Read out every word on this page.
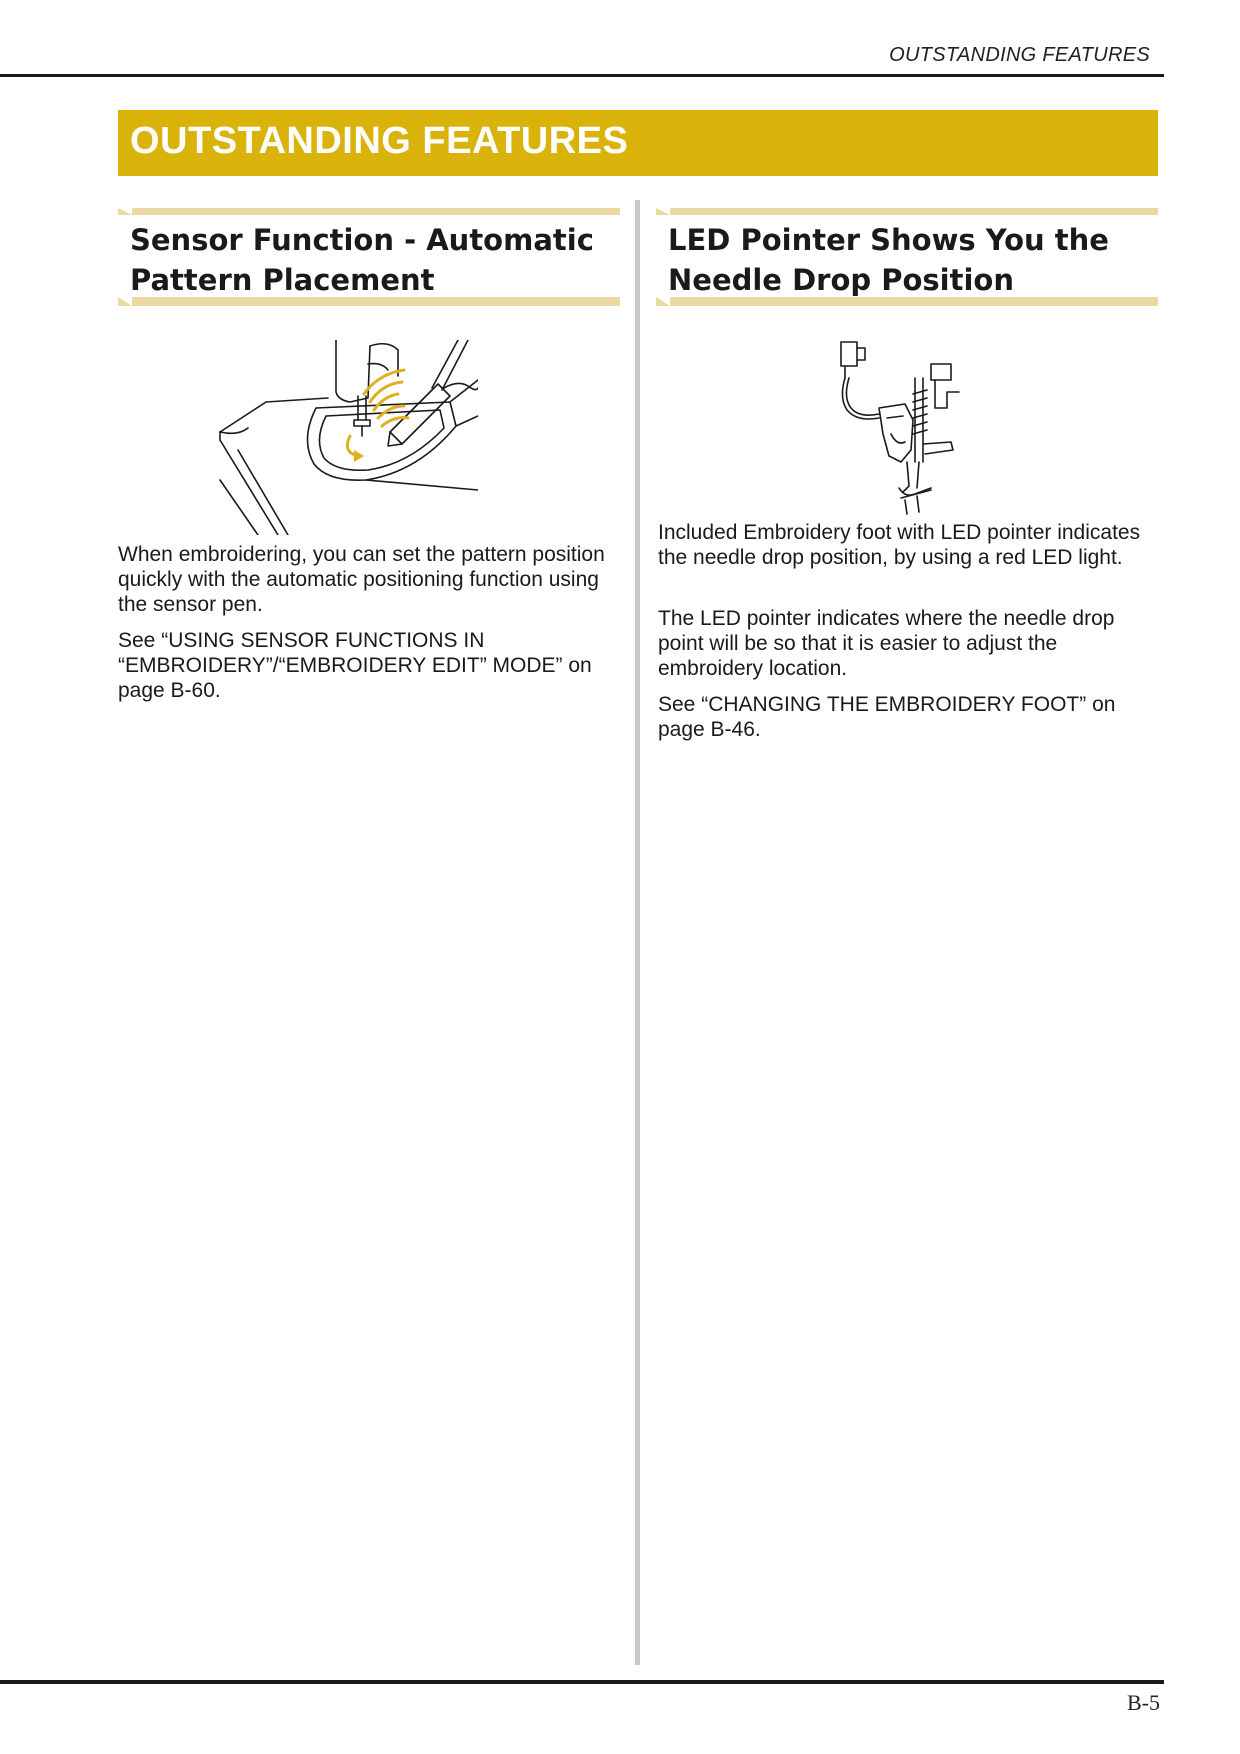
OUTSTANDING FEATURES
OUTSTANDING FEATURES
Sensor Function - Automatic
Pattern Placement

When embroidering, you can set the pattern position quickly with the automatic positioning function using the sensor pen.

See “USING SENSOR FUNCTIONS IN “EMBROIDERY”/“EMBROIDERY EDIT” MODE” on page B-60.

LED Pointer Shows You the
Needle Drop Position

Included Embroidery foot with LED pointer indicates the needle drop position, by using a red LED light.

The LED pointer indicates where the needle drop point will be so that it is easier to adjust the embroidery location.

See “CHANGING THE EMBROIDERY FOOT” on page B-46.

B-5
